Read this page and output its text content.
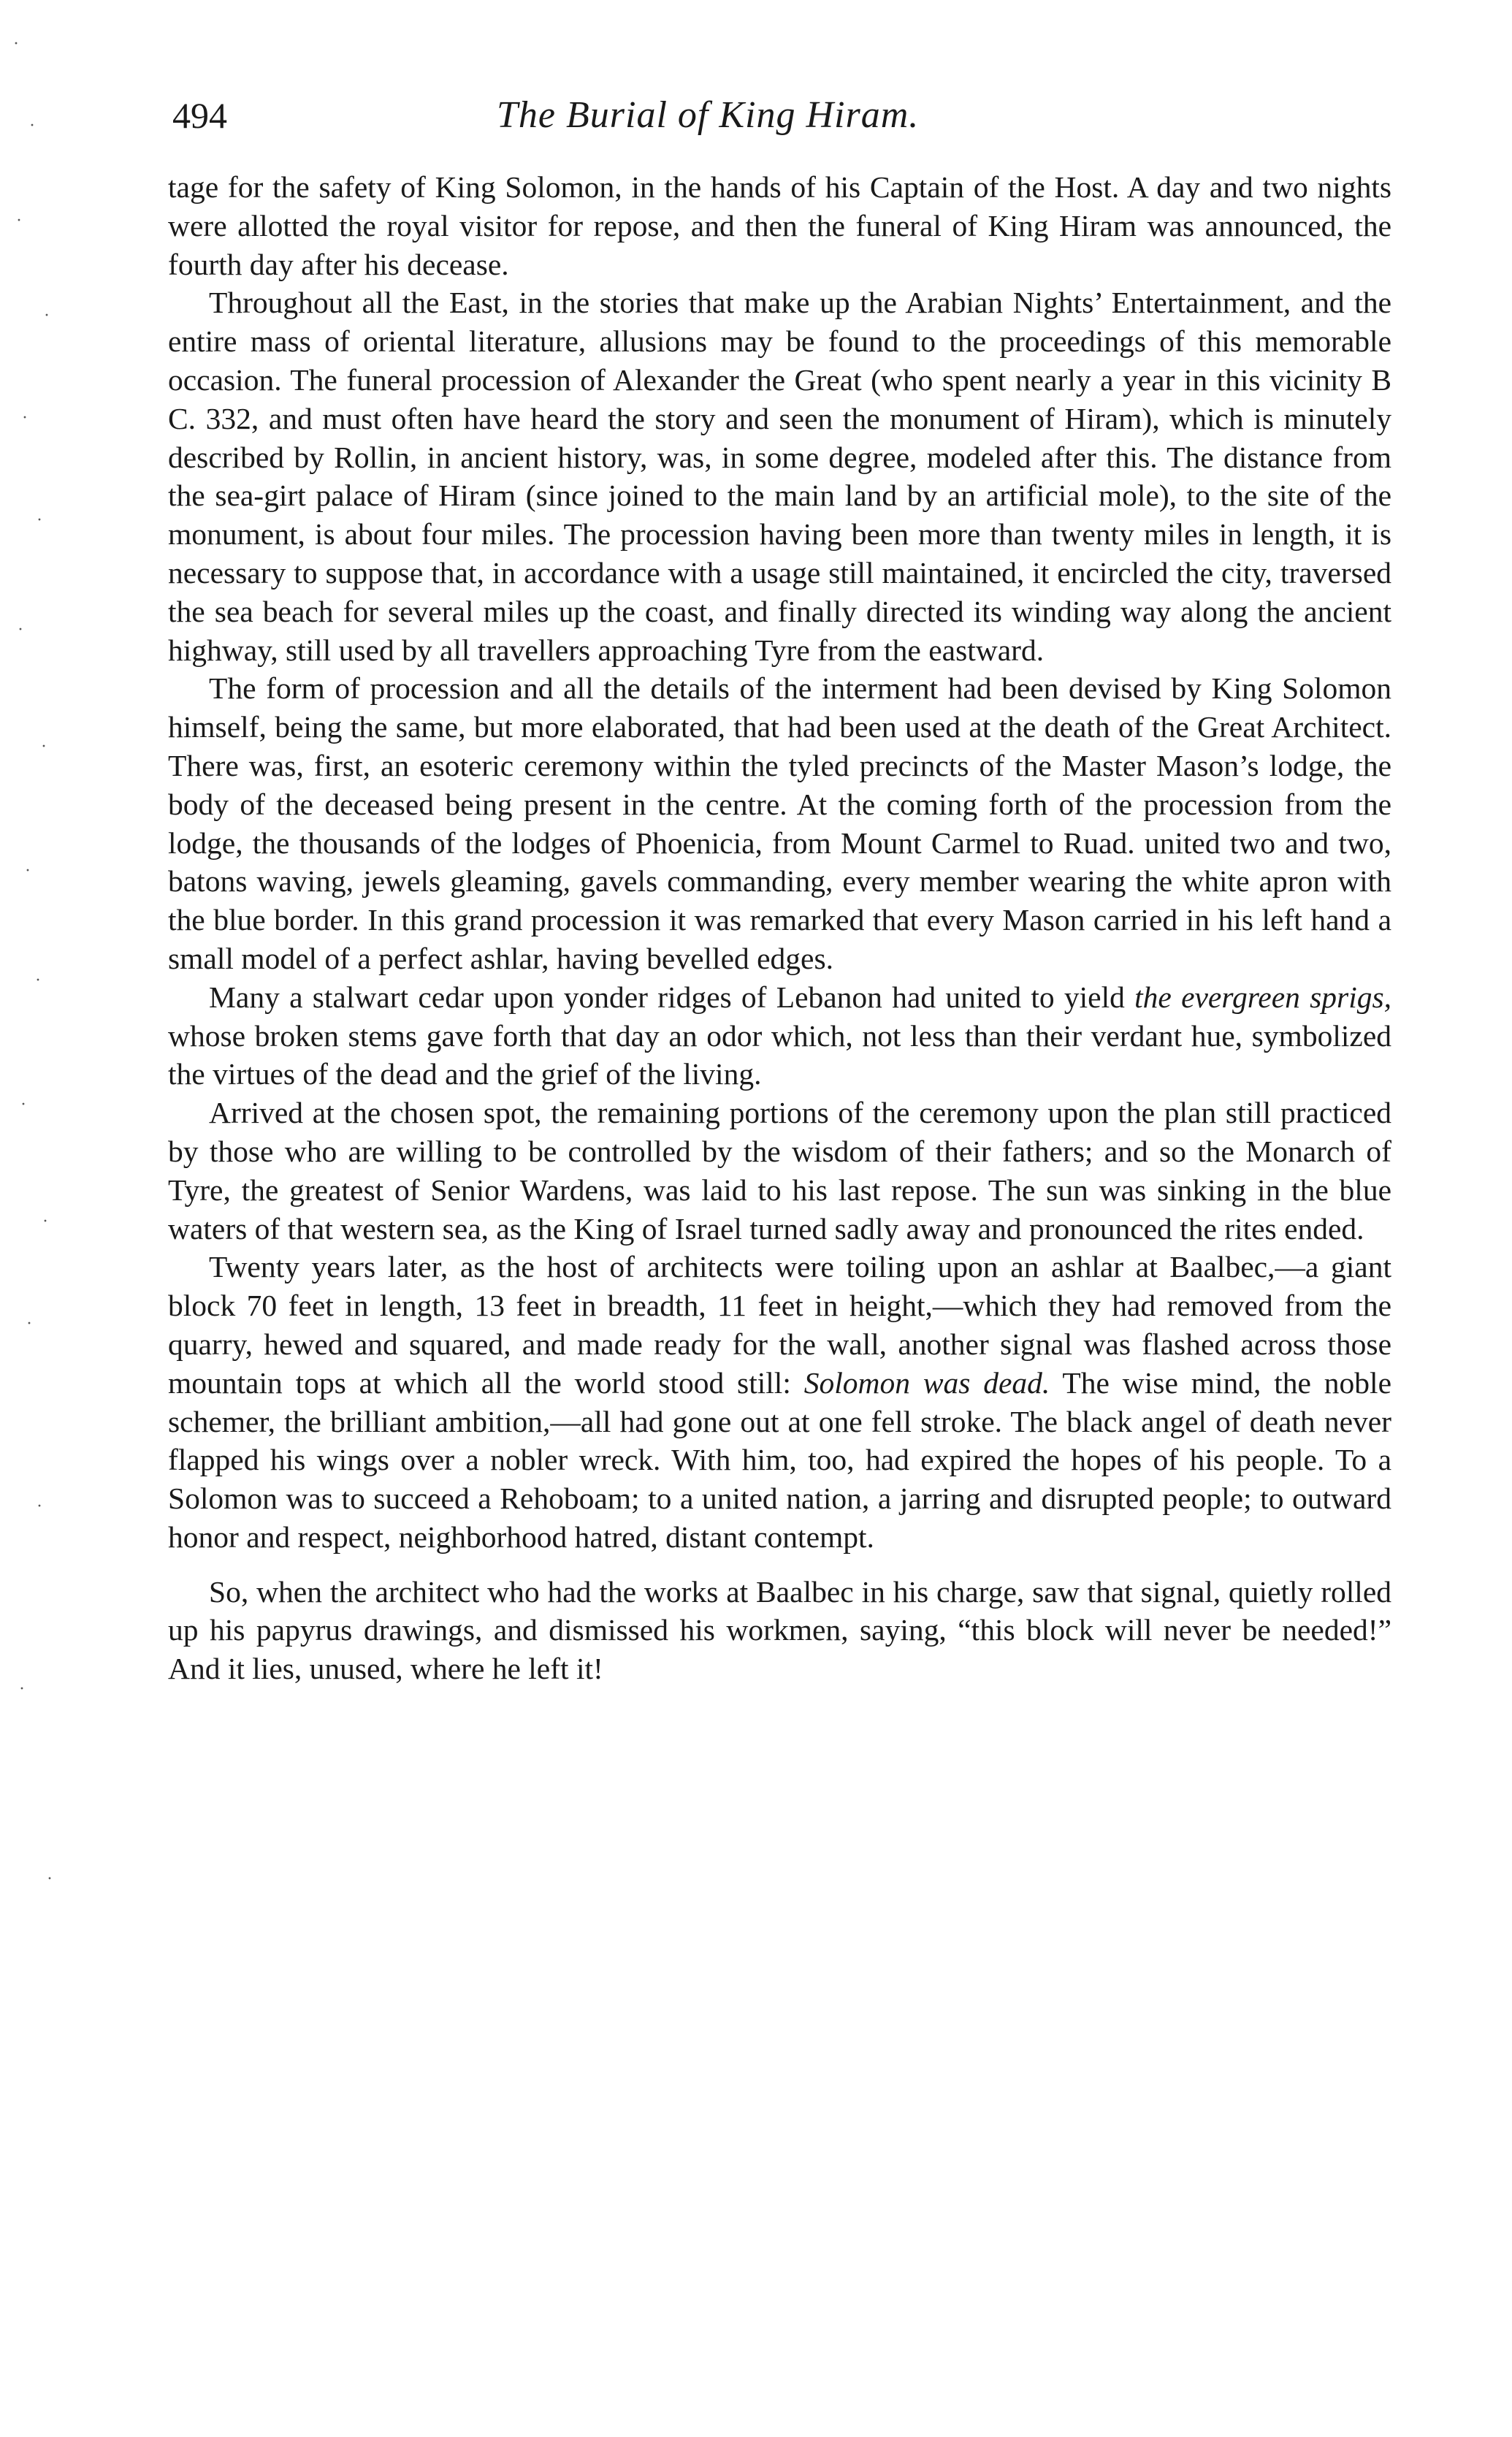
·
·
·
·
·
·
·
·
·
·
·
·
·
·
·
·
494	The Burial of King Hiram.

tage for the safety of King Solomon, in the hands of his Captain of the Host. A day and two nights were allotted the royal visitor for repose, and then the funeral of King Hiram was announced, the fourth day after his decease.

Throughout all the East, in the stories that make up the Arabian Nights’ Entertainment, and the entire mass of oriental literature, allusions may be found to the proceedings of this memorable occasion. The funeral procession of Alexander the Great (who spent nearly a year in this vicinity B C. 332, and must often have heard the story and seen the monument of Hiram), which is minutely described by Rollin, in ancient history, was, in some degree, modeled after this. The distance from the sea-girt palace of Hiram (since joined to the main land by an artificial mole), to the site of the monument, is about four miles. The procession having been more than twenty miles in length, it is necessary to suppose that, in accordance with a usage still maintained, it encircled the city, traversed the sea beach for several miles up the coast, and finally directed its winding way along the ancient highway, still used by all travellers approaching Tyre from the eastward.

The form of procession and all the details of the interment had been devised by King Solomon himself, being the same, but more elaborated, that had been used at the death of the Great Architect. There was, first, an esoteric ceremony within the tyled precincts of the Master Mason’s lodge, the body of the deceased being present in the centre. At the coming forth of the procession from the lodge, the thousands of the lodges of Phoenicia, from Mount Carmel to Ruad. united two and two, batons waving, jewels gleaming, gavels commanding, every member wearing the white apron with the blue border. In this grand procession it was remarked that every Mason carried in his left hand a small model of a perfect ashlar, having bevelled edges.

Many a stalwart cedar upon yonder ridges of Lebanon had united to yield the evergreen sprigs, whose broken stems gave forth that day an odor which, not less than their verdant hue, symbolized the virtues of the dead and the grief of the living.

Arrived at the chosen spot, the remaining portions of the ceremony upon the plan still practiced by those who are willing to be controlled by the wisdom of their fathers; and so the Monarch of Tyre, the greatest of Senior Wardens, was laid to his last repose. The sun was sinking in the blue waters of that western sea, as the King of Israel turned sadly away and pronounced the rites ended.

Twenty years later, as the host of architects were toiling upon an ashlar at Baalbec,—a giant block 70 feet in length, 13 feet in breadth, 11 feet in height,—which they had removed from the quarry, hewed and squared, and made ready for the wall, another signal was flashed across those mountain tops at which all the world stood still: Solomon was dead. The wise mind, the noble schemer, the brilliant ambition,—all had gone out at one fell stroke. The black angel of death never flapped his wings over a nobler wreck. With him, too, had expired the hopes of his people. To a Solomon was to succeed a Rehoboam; to a united nation, a jarring and disrupted people; to outward honor and respect, neighborhood hatred, distant contempt.

So, when the architect who had the works at Baalbec in his charge, saw that signal, quietly rolled up his papyrus drawings, and dismissed his workmen, saying, “this block will never be needed!” And it lies, unused, where he left it!
